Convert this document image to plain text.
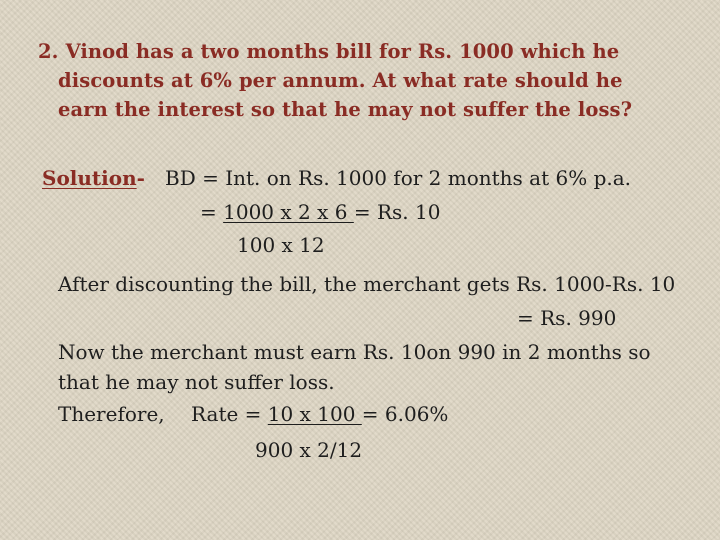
2. Vinod has a two months bill for Rs. 1000 which he
discounts at 6% per annum. At what rate should he
earn the interest so that he may not suffer the loss?
Solution- BD = Int. on Rs. 1000 for 2 months at 6% p.a.
= 1000 x 2 x 6 = Rs. 10
100 x 12
After discounting the bill, the merchant gets Rs. 1000-Rs. 10
= Rs. 990
Now the merchant must earn Rs. 10on 990 in 2 months so
that he may not suffer loss.
Therefore, Rate = 10 x 100 = 6.06%
900 x 2/12
